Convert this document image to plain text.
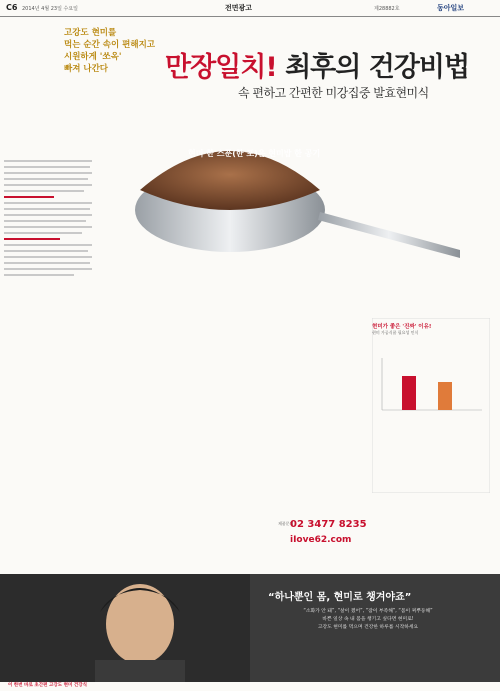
C6 2014년 4월 23일 수요일	전면광고	제28882호	동아일보
고강도 현미를
먹는 순간 속이 편해지고
시원하게 '쏘옥'
빠져 나간다	만장일치! 최후의 건강비법
속 편하고 간편한 미강집중 발효현미식
현미 한 스푼(한 포)은 현미밥 한 공기
현미가 좋은 '진짜' 이유!
현미 가공식품 필요성 인식
제품문의
02 3477 8235
iIove62.com
“하나뿐인 몸, 현미로 챙겨야죠”
“소화가 안 돼”, “살이 쪘어”, “잠이 부족해”, “몸이 찌뿌둥해”
바쁜 일상 속 내 몸을 챙기고 싶다면 현미로!
고강도 현미를 먹으며 건강한 하루를 시작하세요
이 한번 바로 초간편 고강도 현미 건강식
